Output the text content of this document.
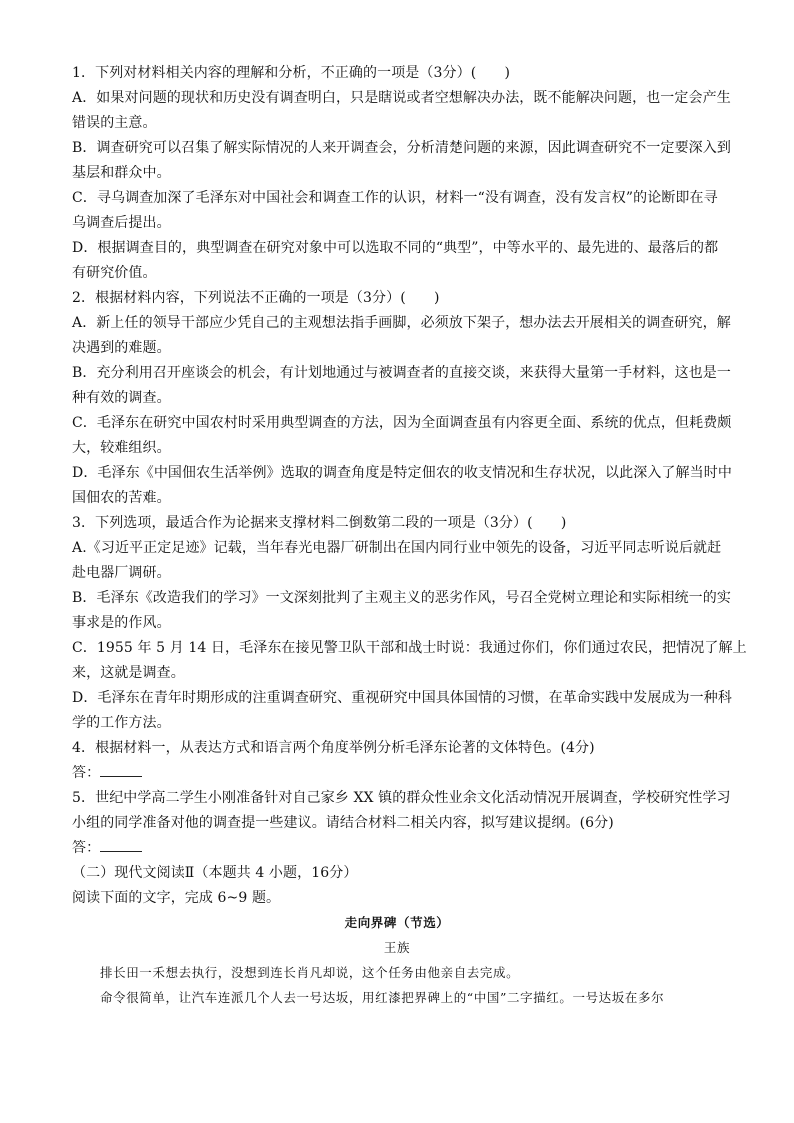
1．下列对材料相关内容的理解和分析，不正确的一项是（3分）(　　)
A．如果对问题的现状和历史没有调查明白，只是瞎说或者空想解决办法，既不能解决问题，也一定会产生
错误的主意。
B．调查研究可以召集了解实际情况的人来开调查会，分析清楚问题的来源，因此调查研究不一定要深入到
基层和群众中。
C．寻乌调查加深了毛泽东对中国社会和调查工作的认识，材料一“没有调查，没有发言权”的论断即在寻
乌调查后提出。
D．根据调查目的，典型调查在研究对象中可以选取不同的“典型”，中等水平的、最先进的、最落后的都
有研究价值。
2．根据材料内容，下列说法不正确的一项是（3分）(　　)
A．新上任的领导干部应少凭自己的主观想法指手画脚，必须放下架子，想办法去开展相关的调查研究，解
决遇到的难题。
B．充分利用召开座谈会的机会，有计划地通过与被调查者的直接交谈，来获得大量第一手材料，这也是一
种有效的调查。
C．毛泽东在研究中国农村时采用典型调查的方法，因为全面调查虽有内容更全面、系统的优点，但耗费颇
大，较难组织。
D．毛泽东《中国佃农生活举例》选取的调查角度是特定佃农的收支情况和生存状况，以此深入了解当时中
国佃农的苦难。
3．下列选项，最适合作为论据来支撑材料二倒数第二段的一项是（3分）(　　)
A.《习近平正定足迹》记载，当年春光电器厂研制出在国内同行业中领先的设备，习近平同志听说后就赶
赴电器厂调研。
B．毛泽东《改造我们的学习》一文深刻批判了主观主义的恶劣作风，号召全党树立理论和实际相统一的实
事求是的作风。
C．1955 年 5 月 14 日，毛泽东在接见警卫队干部和战士时说：我通过你们，你们通过农民，把情况了解上
来，这就是调查。
D．毛泽东在青年时期形成的注重调查研究、重视研究中国具体国情的习惯，在革命实践中发展成为一种科
学的工作方法。
4．根据材料一，从表达方式和语言两个角度举例分析毛泽东论著的文体特色。(4分)
答：
5．世纪中学高二学生小刚准备针对自己家乡 XX 镇的群众性业余文化活动情况开展调查，学校研究性学习
小组的同学准备对他的调查提一些建议。请结合材料二相关内容，拟写建议提纲。(6分)
答：
（二）现代文阅读Ⅱ（本题共 4 小题，16分）
阅读下面的文字，完成 6~9 题。
走向界碑（节选）
王族
排长田一禾想去执行，没想到连长肖凡却说，这个任务由他亲自去完成。
命令很简单，让汽车连派几个人去一号达坂，用红漆把界碑上的“中国”二字描红。一号达坂在多尔
